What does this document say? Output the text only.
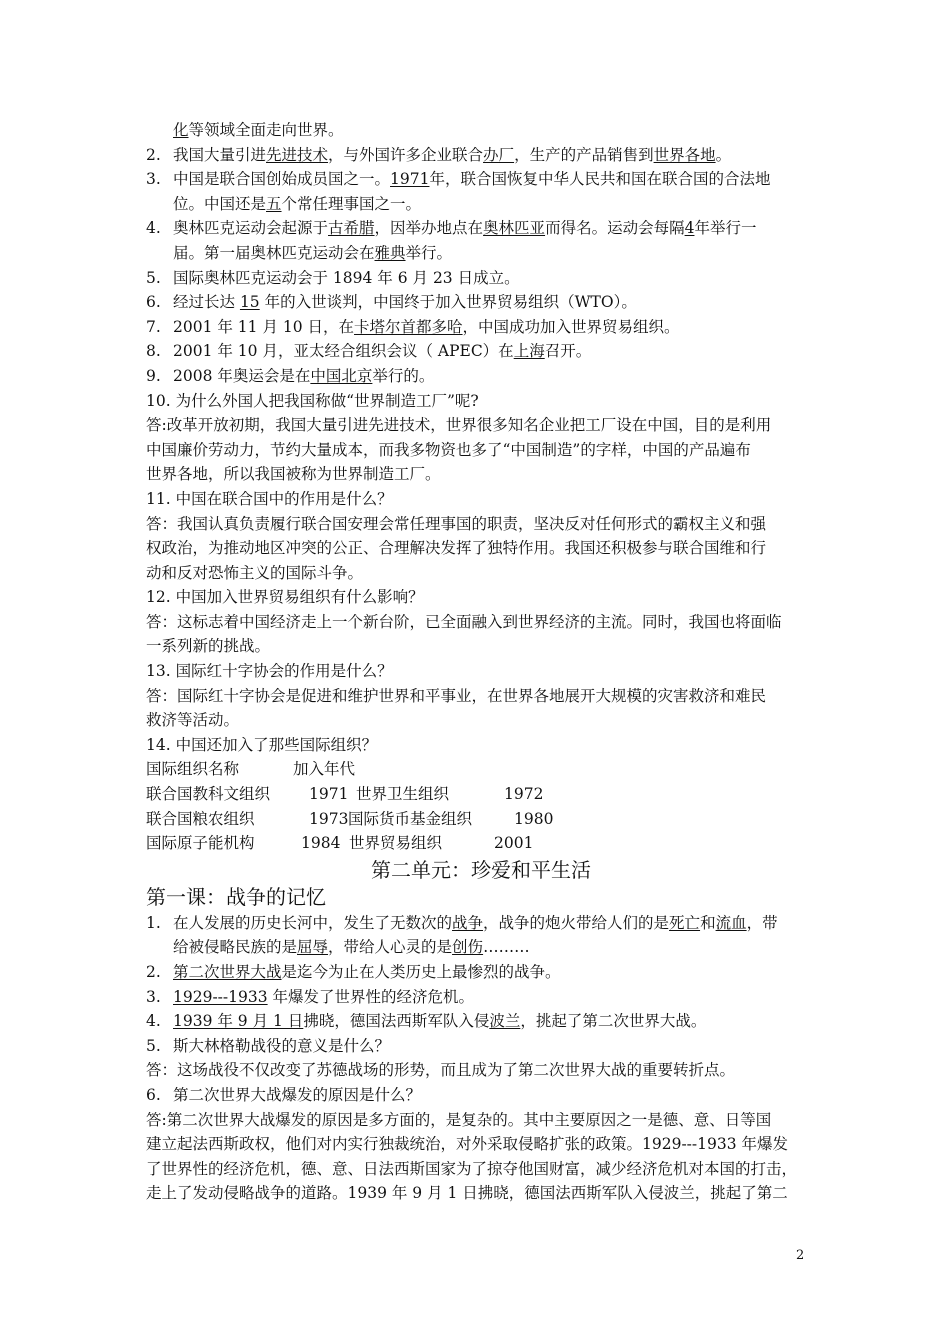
化等领域全面走向世界。
2. 我国大量引进先进技术，与外国许多企业联合办厂，生产的产品销售到世界各地。
3. 中国是联合国创始成员国之一。1971年，联合国恢复中华人民共和国在联合国的合法地
位。中国还是五个常任理事国之一。
4. 奥林匹克运动会起源于古希腊，因举办地点在奥林匹亚而得名。运动会每隔4年举行一
届。第一届奥林匹克运动会在雅典举行。
5. 国际奥林匹克运动会于 1894 年 6 月 23 日成立。
6. 经过长达 15 年的入世谈判，中国终于加入世界贸易组织（WTO）。
7. 2001 年 11 月 10 日，在卡塔尔首都多哈，中国成功加入世界贸易组织。
8. 2001 年 10 月，亚太经合组织会议（ APEC）在上海召开。
9. 2008 年奥运会是在中国北京举行的。
10. 为什么外国人把我国称做“世界制造工厂”呢?
答:改革开放初期，我国大量引进先进技术，世界很多知名企业把工厂设在中国，目的是利用
中国廉价劳动力，节约大量成本，而我多物资也多了“中国制造”的字样，中国的产品遍布
世界各地，所以我国被称为世界制造工厂。
11. 中国在联合国中的作用是什么？
答：我国认真负责履行联合国安理会常任理事国的职责，坚决反对任何形式的霸权主义和强
权政治，为推动地区冲突的公正、合理解决发挥了独特作用。我国还积极参与联合国维和行
动和反对恐怖主义的国际斗争。
12. 中国加入世界贸易组织有什么影响？
答：这标志着中国经济走上一个新台阶，已全面融入到世界经济的主流。同时，我国也将面临
一系列新的挑战。
13. 国际红十字协会的作用是什么？
答：国际红十字协会是促进和维护世界和平事业，在世界各地展开大规模的灾害救济和难民
救济等活动。
14. 中国还加入了那些国际组织？
国际组织名称	加入年代
联合国教科文组织	1971 世界卫生组织	1972
联合国粮农组织	1973 国际货币基金组织	1980
国际原子能机构	1984 世界贸易组织	2001
第二单元：珍爱和平生活
第一课：战争的记忆
1. 在人发展的历史长河中，发生了无数次的战争，战争的炮火带给人们的是死亡和流血，带
给被侵略民族的是屈辱，带给人心灵的是创伤………
2. 第二次世界大战是迄今为止在人类历史上最惨烈的战争。
3. 1929---1933 年爆发了世界性的经济危机。
4. 1939 年 9 月 1 日拂晓，德国法西斯军队入侵波兰，挑起了第二次世界大战。
5. 斯大林格勒战役的意义是什么？
答：这场战役不仅改变了苏德战场的形势，而且成为了第二次世界大战的重要转折点。
6. 第二次世界大战爆发的原因是什么？
答:第二次世界大战爆发的原因是多方面的，是复杂的。其中主要原因之一是德、意、日等国
建立起法西斯政权，他们对内实行独裁统治，对外采取侵略扩张的政策。1929---1933 年爆发
了世界性的经济危机，德、意、日法西斯国家为了掠夺他国财富，减少经济危机对本国的打击，
走上了发动侵略战争的道路。1939 年 9 月 1 日拂晓，德国法西斯军队入侵波兰，挑起了第二
2
